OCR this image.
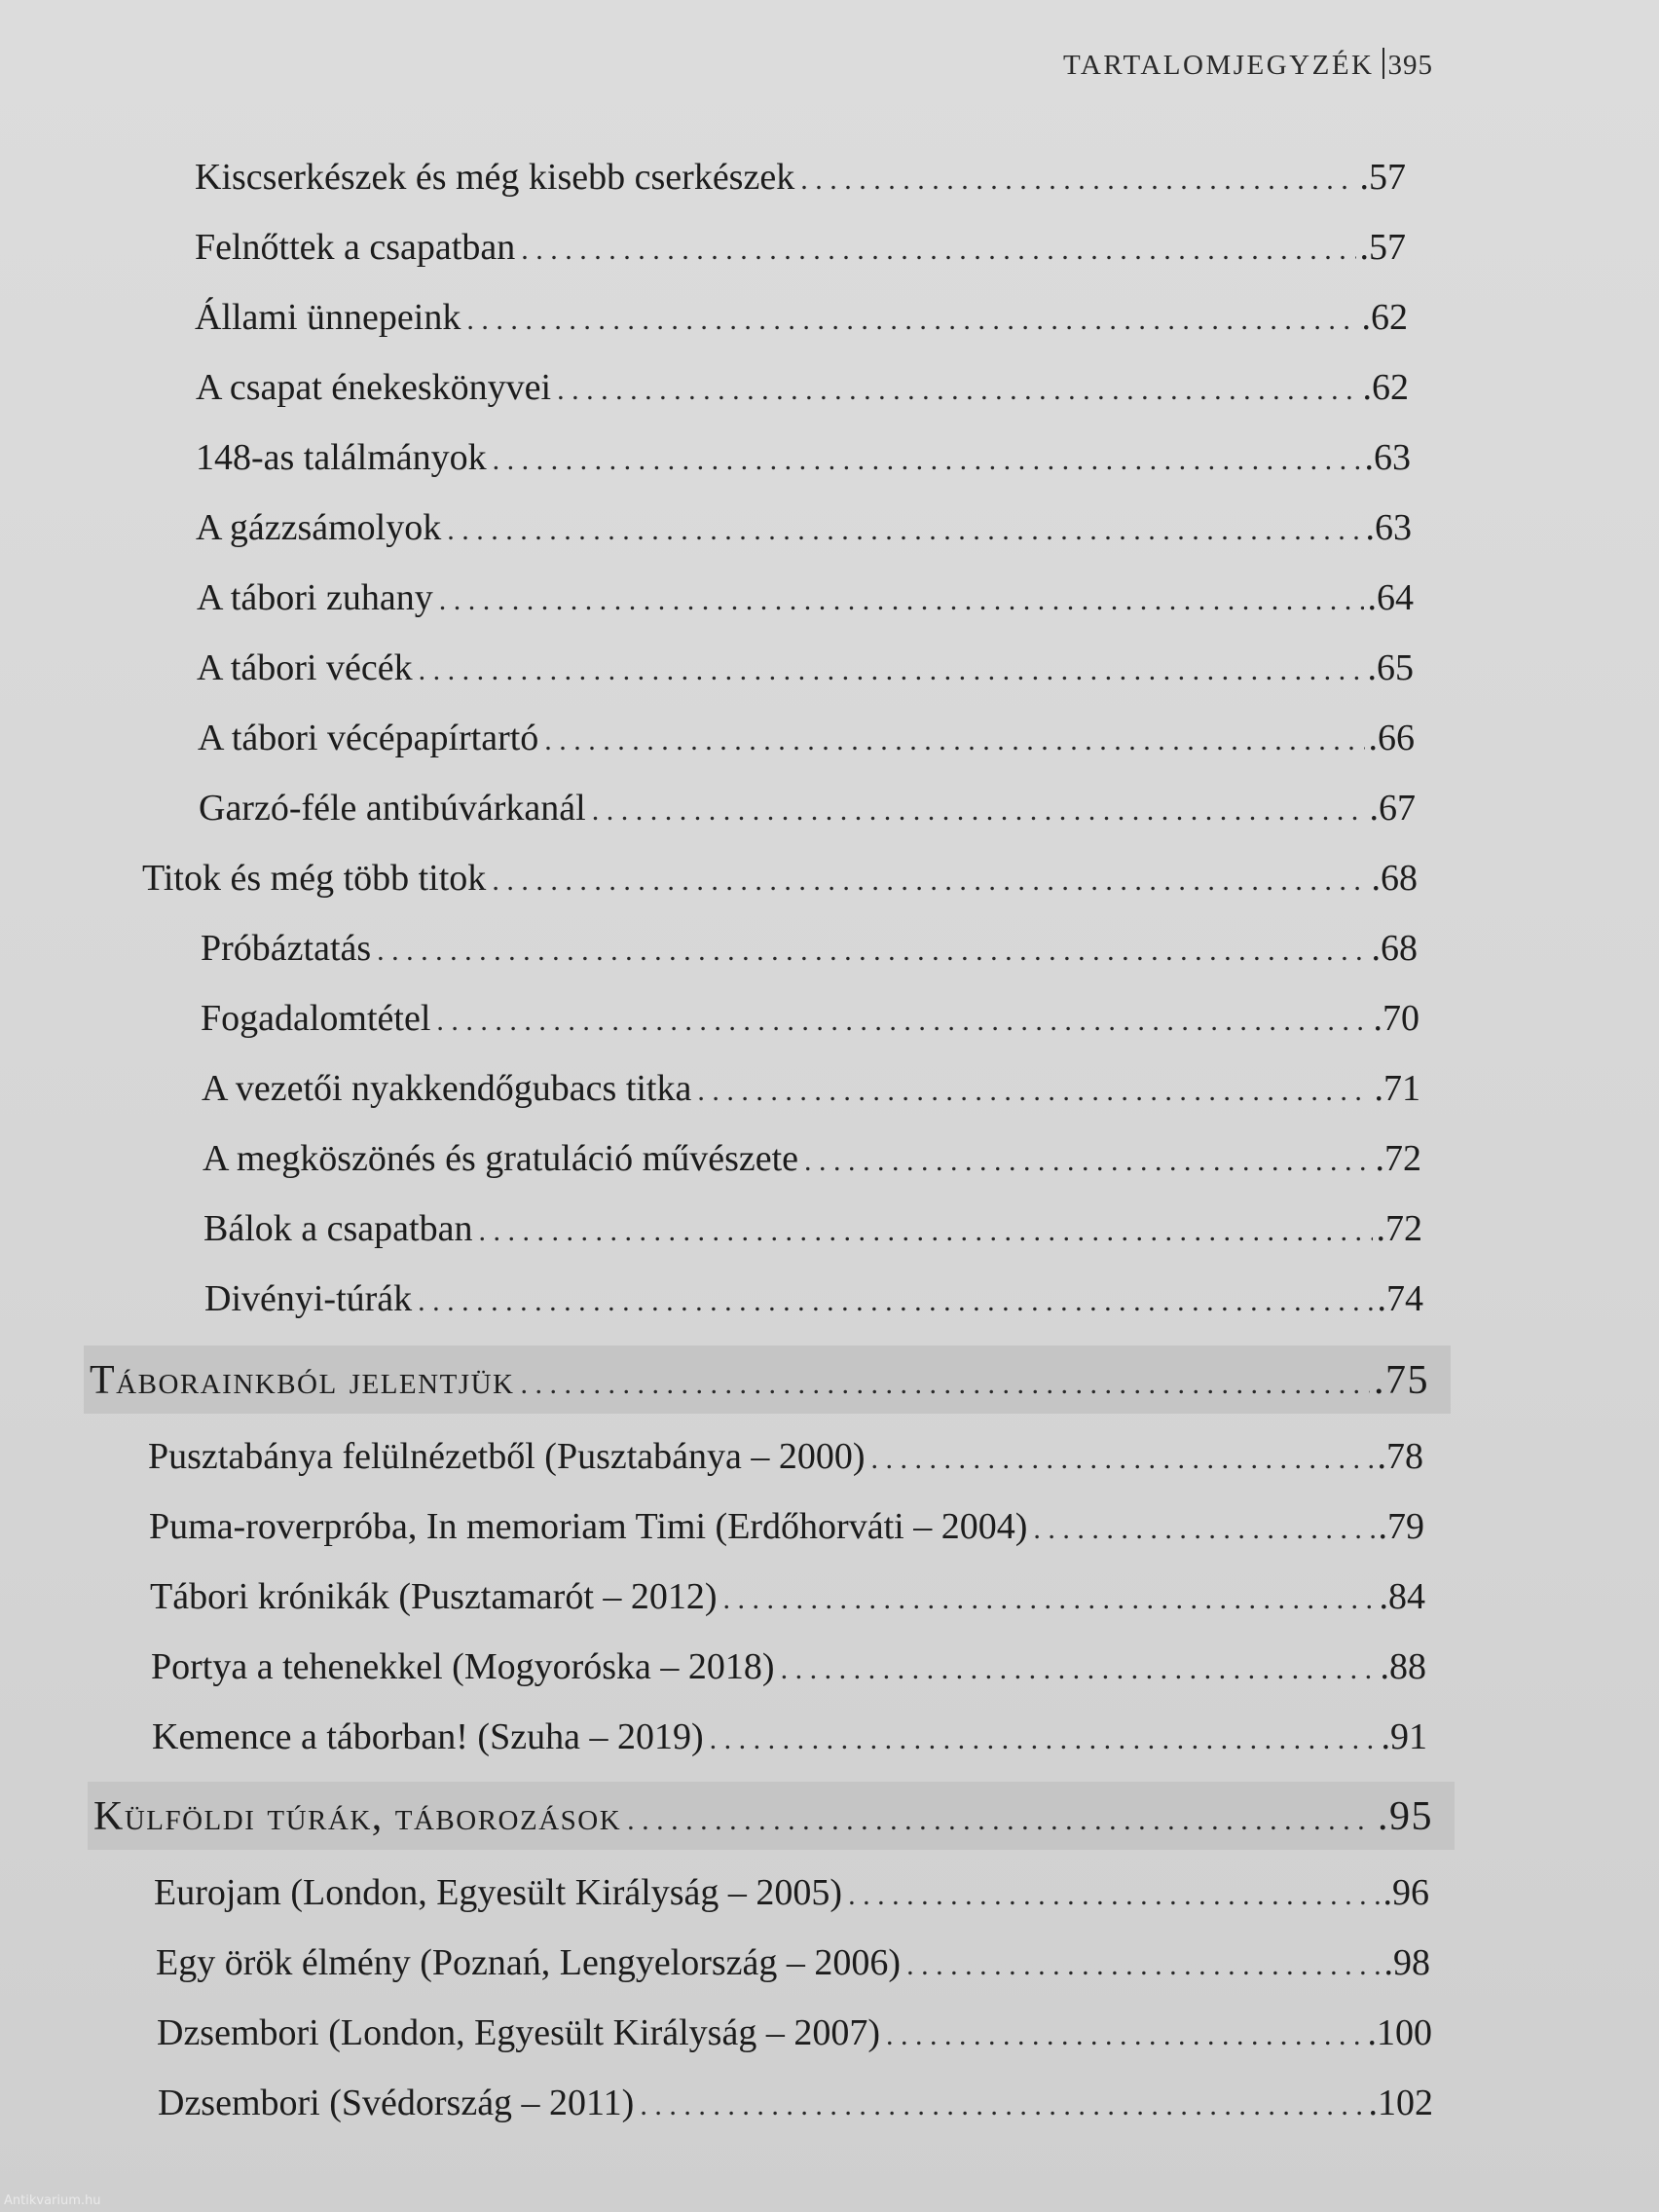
TARTALOMJEGYZÉK 395
Kiscserkészek és még kisebb cserkészek . . .	.57
Felnőttek a csapatban . . .	.57
Állami ünnepeink . . .	.62
A csapat énekeskönyvei . . .	.62
148-as találmányok . . .	.63
A gázzsámolyok . . .	.63
A tábori zuhany . . .	.64
A tábori vécék . . .	.65
A tábori vécépapírtartó . . .	.66
Garzó-féle antibúvárkanál . . .	.67
Titok és még több titok . . .	.68
Próbáztatás . . .	.68
Fogadalomtétel . . .	.70
A vezetői nyakkendőgubacs titka . . .	.71
A megköszönés és gratuláció művészete . . .	.72
Bálok a csapatban . . .	.72
Divényi-túrák . . .	.74
Táborainkból jelentjük . . .	.75
Pusztabánya felülnézetből (Pusztabánya – 2000) . . .	.78
Puma-roverpróba, In memoriam Timi (Erdőhorváti – 2004) . . .	.79
Tábori krónikák (Pusztamarót – 2012) . . .	.84
Portya a tehenekkel (Mogyoróska – 2018) . . .	.88
Kemence a táborban! (Szuha – 2019) . . .	.91
Külföldi túrák, táborozások . . .	.95
Eurojam (London, Egyesült Királyság – 2005) . . .	.96
Egy örök élmény (Poznań, Lengyelország – 2006) . . .	.98
Dzsembori (London, Egyesült Királyság – 2007) . . .	.100
Dzsembori (Svédország – 2011) . . .	.102
Antikvarium.hu
